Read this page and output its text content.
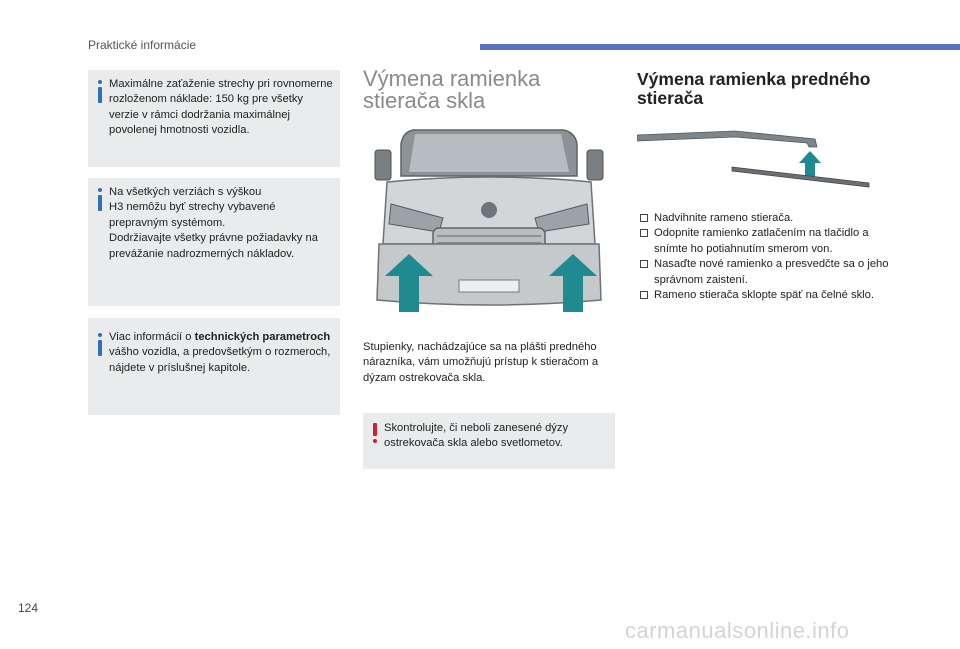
Praktické informácie
Maximálne zaťaženie strechy pri rovnomerne rozloženom náklade: 150 kg pre všetky verzie v rámci dodržania maximálnej povolenej hmotnosti vozidla.
Na všetkých verziách s výškou
H3 nemôžu byť strechy vybavené
prepravným systémom.
Dodržiavajte všetky právne požiadavky na prevážanie nadrozmerných nákladov.
Viac informácií o technických parametroch vášho vozidla, a predovšetkým o rozmeroch, nájdete v príslušnej kapitole.
Výmena ramienka
stierača skla
Stupienky, nachádzajúce sa na plášti predného nárazníka, vám umožňujú prístup k stieračom a dýzam ostrekovača skla.
Skontrolujte, či neboli zanesené dýzy ostrekovača skla alebo svetlometov.
Výmena ramienka predného
stierača
Nadvihnite rameno stierača.
Odopnite ramienko zatlačením na tlačidlo a snímte ho potiahnutím smerom von.
Nasaďte nové ramienko a presvedčte sa o jeho správnom zaistení.
Rameno stierača sklopte späť na čelné sklo.
124
carmanualsonline.info
